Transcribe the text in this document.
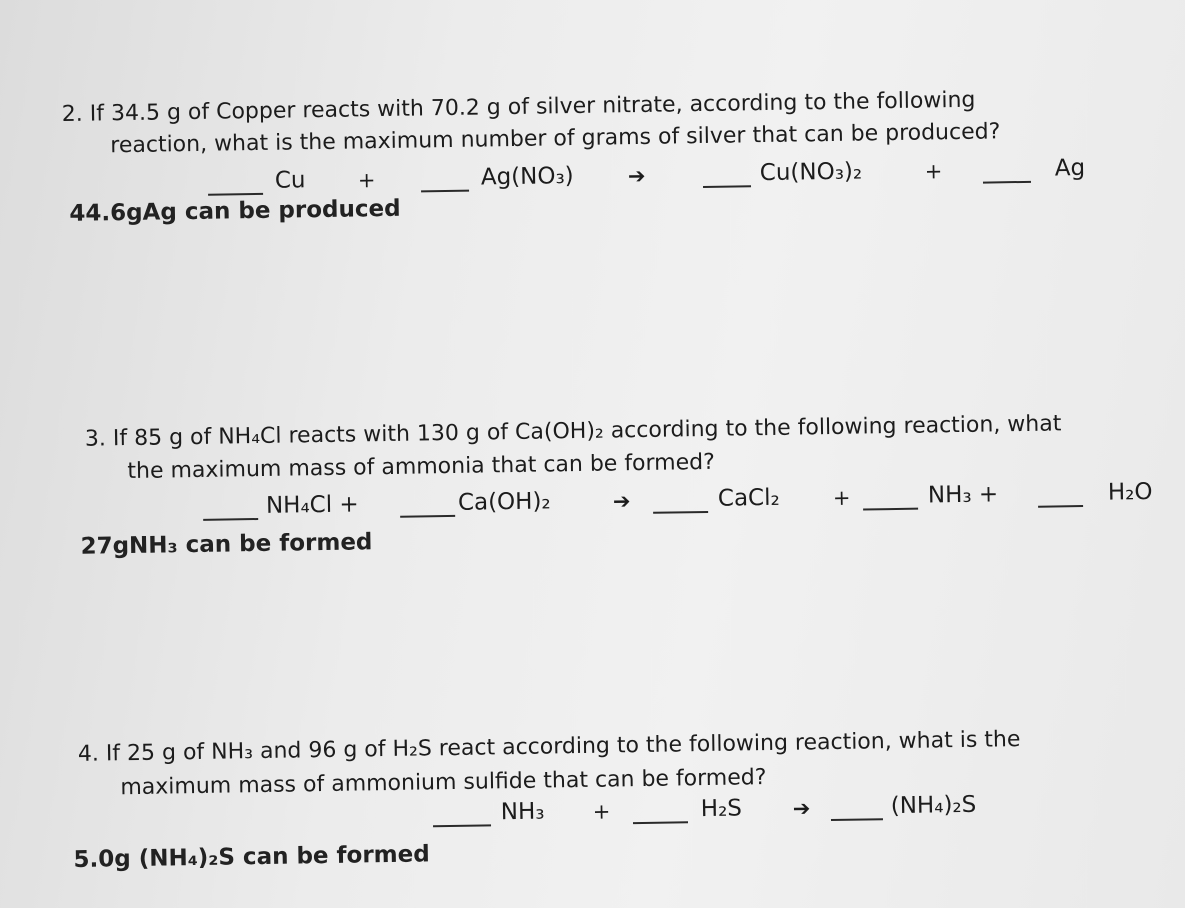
2. If 34.5 g of Copper reacts with 70.2 g of silver nitrate, according to the following
reaction, what is the maximum number of grams of silver that can be produced?
Cu +	Ag(NO₃)	➔	Cu(NO₃)₂	+	Ag
44.6gAg can be produced
3. If 85 g of NH₄Cl reacts with 130 g of Ca(OH)₂ according to the following reaction, what
the maximum mass of ammonia that can be formed?
NH₄Cl +	Ca(OH)₂	➔	CaCl₂	+	NH₃ +	H₂O
27gNH₃ can be formed
4. If 25 g of NH₃ and 96 g of H₂S react according to the following reaction, what is the
maximum mass of ammonium sulfide that can be formed?
NH₃ +	H₂S ➔	(NH₄)₂S
5.0g (NH₄)₂S can be formed
